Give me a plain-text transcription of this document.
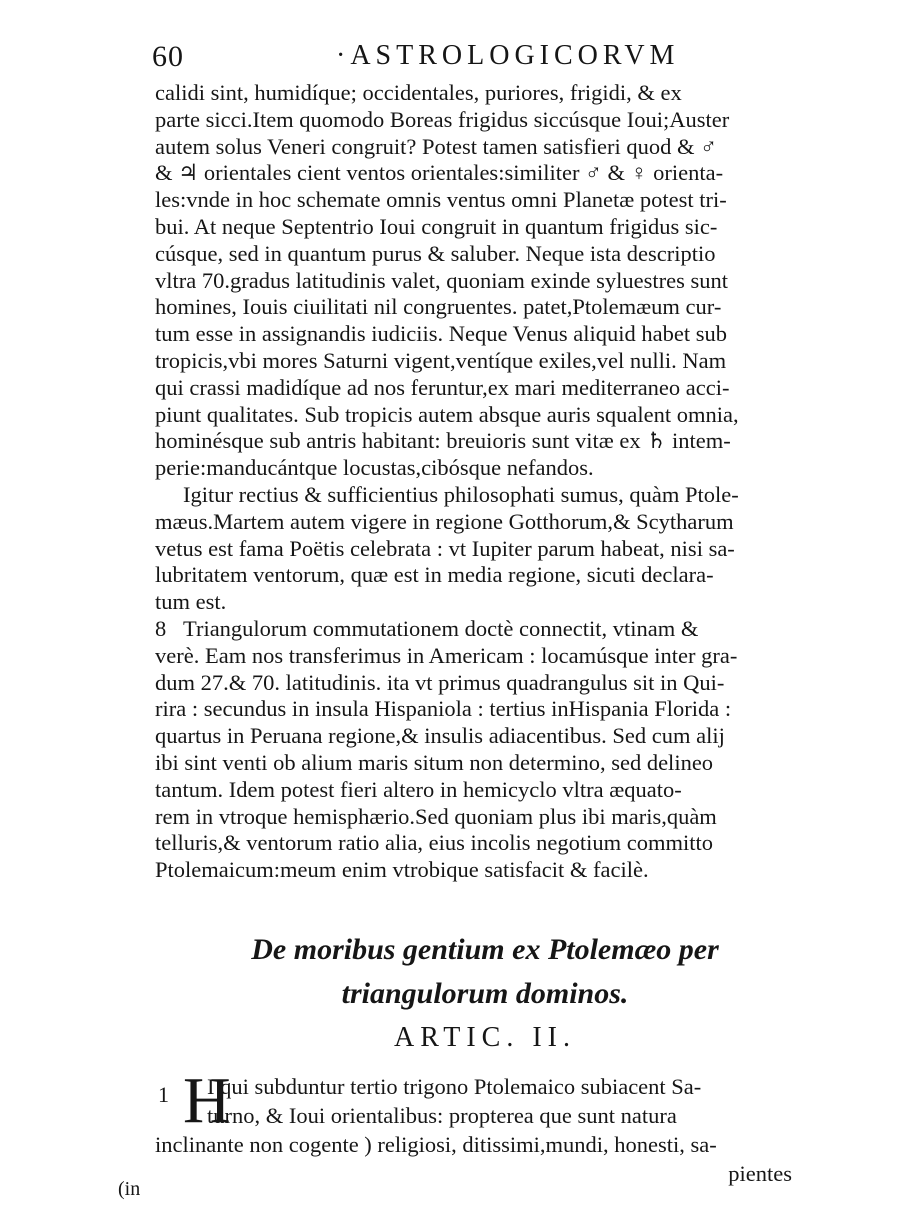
60	·ASTROLOGICORVM
calidi sint, humidíque; occidentales, puriores, frigidi, & ex
parte sicci.Item quomodo Boreas frigidus siccúsque Ioui;Auster
autem solus Veneri congruit? Potest tamen satisfieri quod & ♂
& ♃ orientales cient ventos orientales:similiter ♂ & ♀ orienta-
les:vnde in hoc schemate omnis ventus omni Planetæ potest tri-
bui. At neque Septentrio Ioui congruit in quantum frigidus sic-
cúsque, sed in quantum purus & saluber. Neque ista descriptio
vltra 70.gradus latitudinis valet, quoniam exinde syluestres sunt
homines, Iouis ciuilitati nil congruentes. patet,Ptolemæum cur-
tum esse in assignandis iudiciis. Neque Venus aliquid habet sub
tropicis,vbi mores Saturni vigent,ventíque exiles,vel nulli. Nam
qui crassi madidíque ad nos feruntur,ex mari mediterraneo acci-
piunt qualitates. Sub tropicis autem absque auris squalent omnia,
hominésque sub antris habitant: breuioris sunt vitæ ex ♄ intem-
perie:manducántque locustas,cibósque nefandos.
Igitur rectius & sufficientius philosophati sumus, quàm Ptole-
mæus.Martem autem vigere in regione Gotthorum,& Scytharum
vetus est fama Poëtis celebrata : vt Iupiter parum habeat, nisi sa-
lubritatem ventorum, quæ est in media regione, sicuti declara-
tum est.
8 Triangulorum commutationem doctè connectit, vtinam &
verè. Eam nos transferimus in Americam : locamúsque inter gra-
dum 27.& 70. latitudinis. ita vt primus quadrangulus sit in Qui-
rira : secundus in insula Hispaniola : tertius inHispania Florida :
quartus in Peruana regione,& insulis adiacentibus. Sed cum alij
ibi sint venti ob alium maris situm non determino, sed delineo
tantum. Idem potest fieri altero in hemicyclo vltra æquato-
rem in vtroque hemisphærio.Sed quoniam plus ibi maris,quàm
telluris,& ventorum ratio alia, eius incolis negotium committo
Ptolemaicum:meum enim vtrobique satisfacit & facilè.
De moribus gentium ex Ptolemæo per
triangulorum dominos.
ARTIC. II.
1 H
I qui subduntur tertio trigono Ptolemaico subiacent Sa-
turno, & Ioui orientalibus: propterea que sunt natura
inclinante non cogente ) religiosi, ditissimi,mundi, honesti, sa-
pientes
(in
